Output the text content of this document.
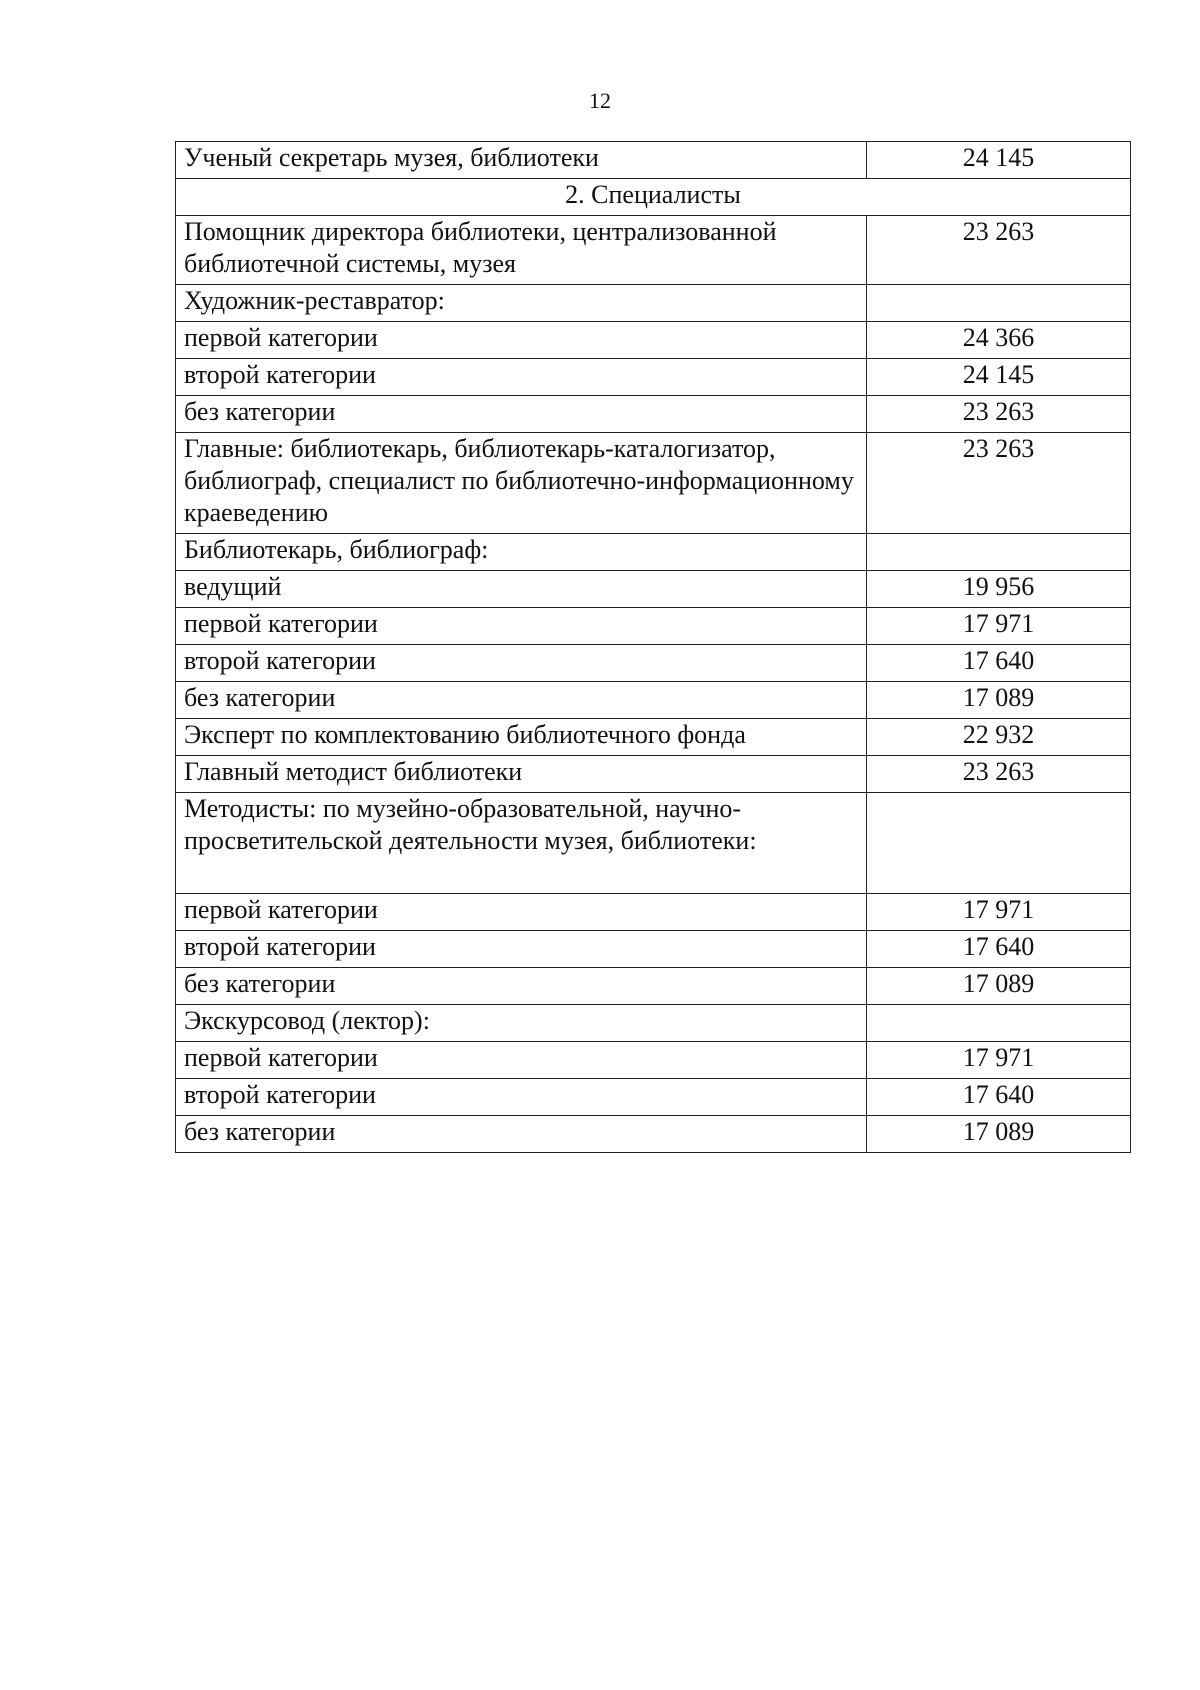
12
Ученый секретарь музея, библиотеки	24 145
2. Специалисты	
Помощник директора библиотеки, централизованной библиотечной системы, музея	23 263
Художник-реставратор:	
первой категории	24 366
второй категории	24 145
без категории	23 263
Главные: библиотекарь, библиотекарь-каталогизатор, библиограф, специалист по библиотечно-информационному краеведению	23 263
Библиотекарь, библиограф:	
ведущий	19 956
первой категории	17 971
второй категории	17 640
без категории	17 089
Эксперт по комплектованию библиотечного фонда	22 932
Главный методист библиотеки	23 263
Методисты: по музейно-образовательной, научно-просветительской деятельности музея, библиотеки:	
первой категории	17 971
второй категории	17 640
без категории	17 089
Экскурсовод (лектор):	
первой категории	17 971
второй категории	17 640
без категории	17 089
